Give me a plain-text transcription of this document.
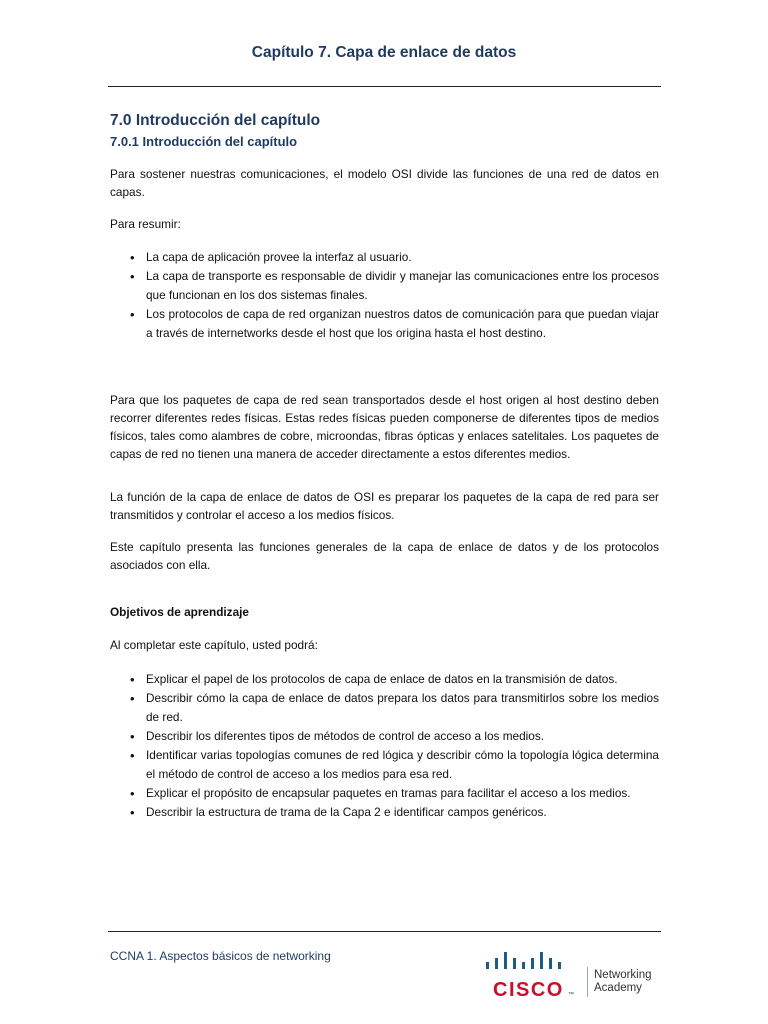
Capítulo 7. Capa de enlace de datos
7.0 Introducción del capítulo
7.0.1 Introducción del capítulo

Para sostener nuestras comunicaciones, el modelo OSI divide las funciones de una red de datos en capas.

Para resumir:

• La capa de aplicación provee la interfaz al usuario.
• La capa de transporte es responsable de dividir y manejar las comunicaciones entre los procesos que funcionan en los dos sistemas finales.
• Los protocolos de capa de red organizan nuestros datos de comunicación para que puedan viajar a través de internetworks desde el host que los origina hasta el host destino.

Para que los paquetes de capa de red sean transportados desde el host origen al host destino deben recorrer diferentes redes físicas. Estas redes físicas pueden componerse de diferentes tipos de medios físicos, tales como alambres de cobre, microondas, fibras ópticas y enlaces satelitales. Los paquetes de capas de red no tienen una manera de acceder directamente a estos diferentes medios.

La función de la capa de enlace de datos de OSI es preparar los paquetes de la capa de red para ser transmitidos y controlar el acceso a los medios físicos.

Este capítulo presenta las funciones generales de la capa de enlace de datos y de los protocolos asociados con ella.

Objetivos de aprendizaje

Al completar este capítulo, usted podrá:

• Explicar el papel de los protocolos de capa de enlace de datos en la transmisión de datos.
• Describir cómo la capa de enlace de datos prepara los datos para transmitirlos sobre los medios de red.
• Describir los diferentes tipos de métodos de control de acceso a los medios.
• Identificar varias topologías comunes de red lógica y describir cómo la topología lógica determina el método de control de acceso a los medios para esa red.
• Explicar el propósito de encapsular paquetes en tramas para facilitar el acceso a los medios.
• Describir la estructura de trama de la Capa 2 e identificar campos genéricos.
CCNA 1. Aspectos básicos de networking
CISCO ™
Networking
Academy
